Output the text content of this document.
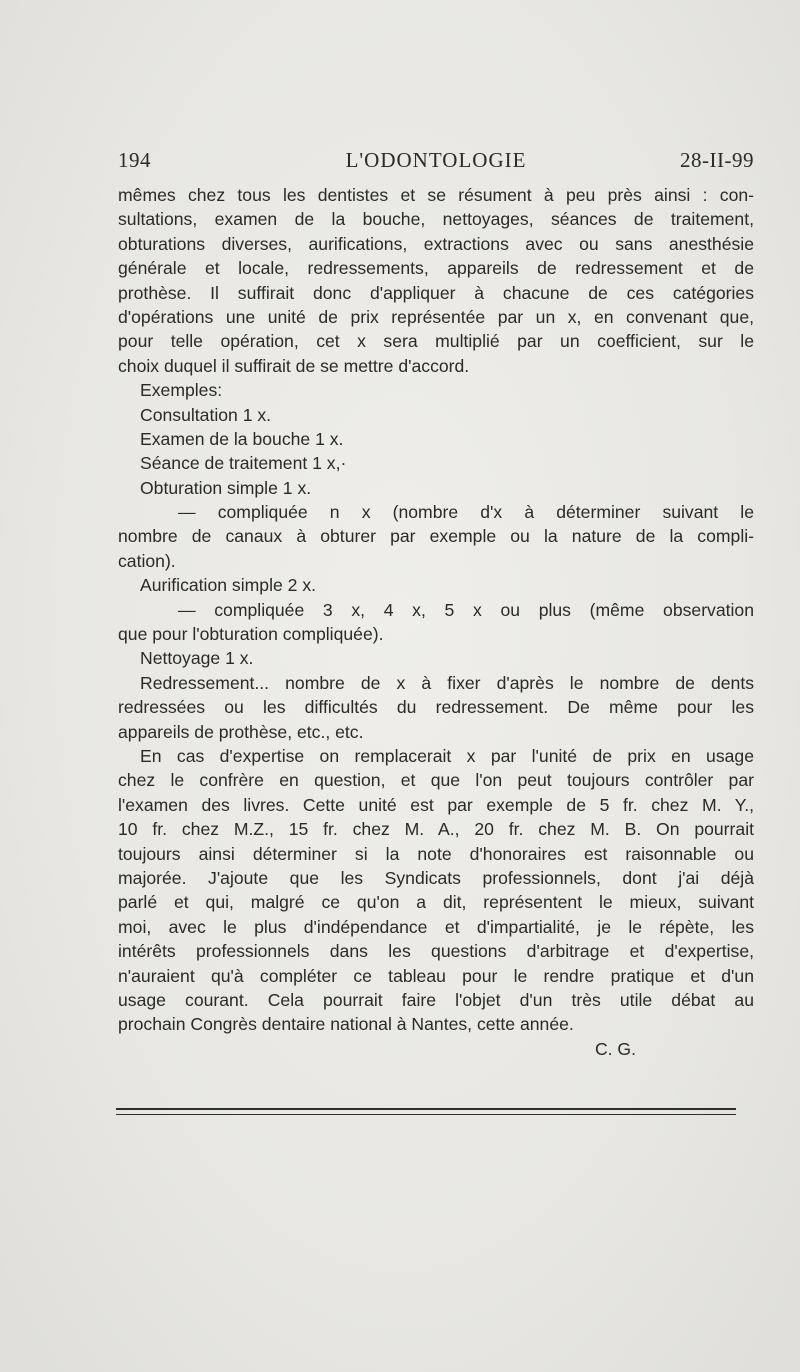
194	L'ODONTOLOGIE	28-II-99
mêmes chez tous les dentistes et se résument à peu près ainsi : con-
sultations, examen de la bouche, nettoyages, séances de traitement,
obturations diverses, aurifications, extractions avec ou sans anesthésie
générale et locale, redressements, appareils de redressement et de
prothèse. Il suffirait donc d'appliquer à chacune de ces catégories
d'opérations une unité de prix représentée par un x, en convenant que,
pour telle opération, cet x sera multiplié par un coefficient, sur le
choix duquel il suffirait de se mettre d'accord.
Exemples:
Consultation 1 x.
Examen de la bouche 1 x.
Séance de traitement 1 x,·
Obturation simple 1 x.
— compliquée n x (nombre d'x à déterminer suivant le
nombre de canaux à obturer par exemple ou la nature de la compli-
cation).
Aurification simple 2 x.
— compliquée 3 x, 4 x, 5 x ou plus (même observation
que pour l'obturation compliquée).
Nettoyage 1 x.
Redressement... nombre de x à fixer d'après le nombre de dents
redressées ou les difficultés du redressement. De même pour les
appareils de prothèse, etc., etc.
En cas d'expertise on remplacerait x par l'unité de prix en usage
chez le confrère en question, et que l'on peut toujours contrôler par
l'examen des livres. Cette unité est par exemple de 5 fr. chez M. Y.,
10 fr. chez M.Z., 15 fr. chez M. A., 20 fr. chez M. B. On pourrait
toujours ainsi déterminer si la note d'honoraires est raisonnable ou
majorée. J'ajoute que les Syndicats professionnels, dont j'ai déjà
parlé et qui, malgré ce qu'on a dit, représentent le mieux, suivant
moi, avec le plus d'indépendance et d'impartialité, je le répète, les
intérêts professionnels dans les questions d'arbitrage et d'expertise,
n'auraient qu'à compléter ce tableau pour le rendre pratique et d'un
usage courant. Cela pourrait faire l'objet d'un très utile débat au
prochain Congrès dentaire national à Nantes, cette année.
C. G.
